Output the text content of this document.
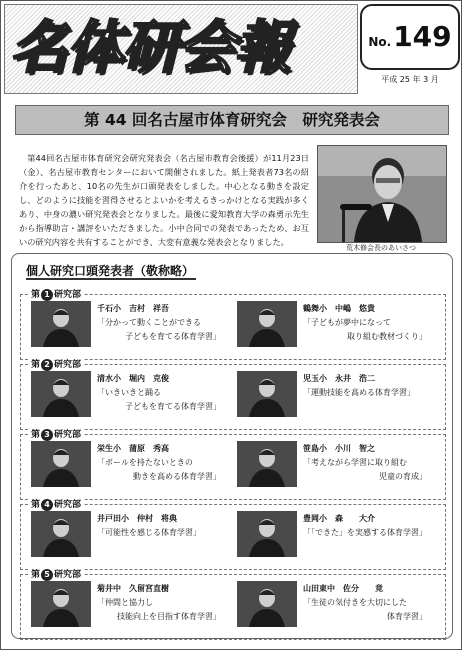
名体研会報	No.149
平成 25 年 3 月
第 44 回名古屋市体育研究会　研究発表会
第44回名古屋市体育研究会研究発表会（名古屋市教育会後援）が11月23日（金）、名古屋市教育センターにおいて開催されました。紙上発表者73名の紹介を行ったあと、10名の先生が口頭発表をしました。中心となる動きを設定し、どのように技能を習得させるとよいかを考えるきっかけとなる実践が多くあり、中身の濃い研究発表会となりました。最後に愛知教育大学の森勇示先生から指導助言・講評をいただきました。小中合同での発表であったため、お互いの研究内容を共有することができ、大変有意義な発表会となりました。
荒木修会長のあいさつ
個人研究口頭発表者（敬称略）
第 1 研究部
千石小　吉村　祥吾
「分かって動くことができる
子どもを育てる体育学習」
鶴舞小　中嶋　悠貴
「子どもが夢中になって
取り組む教材づくり」
第 2 研究部
清水小　堀内　克俊
「いきいきと踊る
子どもを育てる体育学習」
児玉小　永井　浩二
「運動技能を高める体育学習」
第 3 研究部
栄生小　蒲原　秀高
「ボールを持たないときの
動きを高める体育学習」
笹島小　小川　智之
「考えながら学習に取り組む
児童の育成」
第 4 研究部
井戸田小　仲村　将典
「可能性を感じる体育学習」
豊岡小　森　　大介
「「できた」を実感する体育学習」
第 5 研究部
菊井中　久留宮直樹
「仲間と協力し
技能向上を目指す体育学習」
山田東中　佐分　　竟
「生徒の気付きを大切にした
体育学習」
